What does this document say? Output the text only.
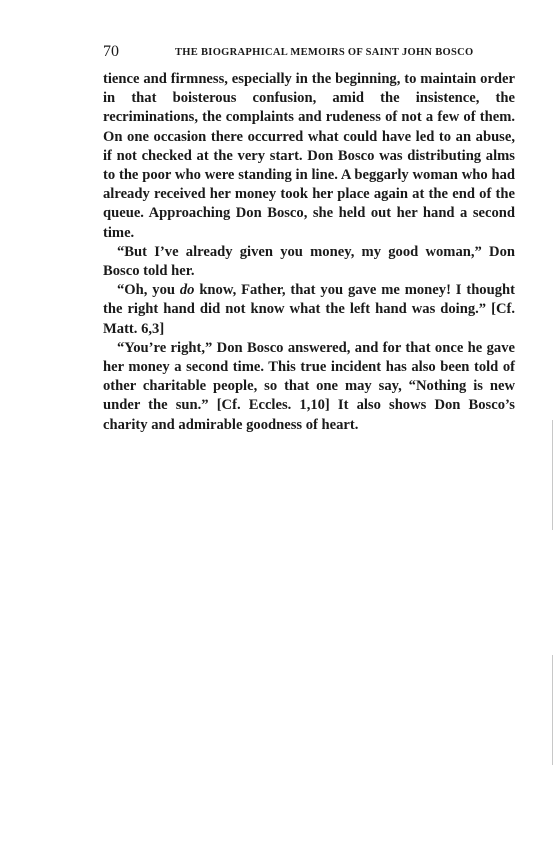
70	THE BIOGRAPHICAL MEMOIRS OF SAINT JOHN BOSCO

tience and firmness, especially in the beginning, to maintain order in that boisterous confusion, amid the insistence, the recriminations, the complaints and rudeness of not a few of them. On one occasion there occurred what could have led to an abuse, if not checked at the very start. Don Bosco was distributing alms to the poor who were standing in line. A beggarly woman who had already received her money took her place again at the end of the queue. Approaching Don Bosco, she held out her hand a second time.

“But I’ve already given you money, my good woman,” Don Bosco told her.

“Oh, you do know, Father, that you gave me money! I thought the right hand did not know what the left hand was doing.” [Cf. Matt. 6,3]

“You’re right,” Don Bosco answered, and for that once he gave her money a second time. This true incident has also been told of other charitable people, so that one may say, “Nothing is new under the sun.” [Cf. Eccles. 1,10] It also shows Don Bosco’s charity and admirable goodness of heart.
